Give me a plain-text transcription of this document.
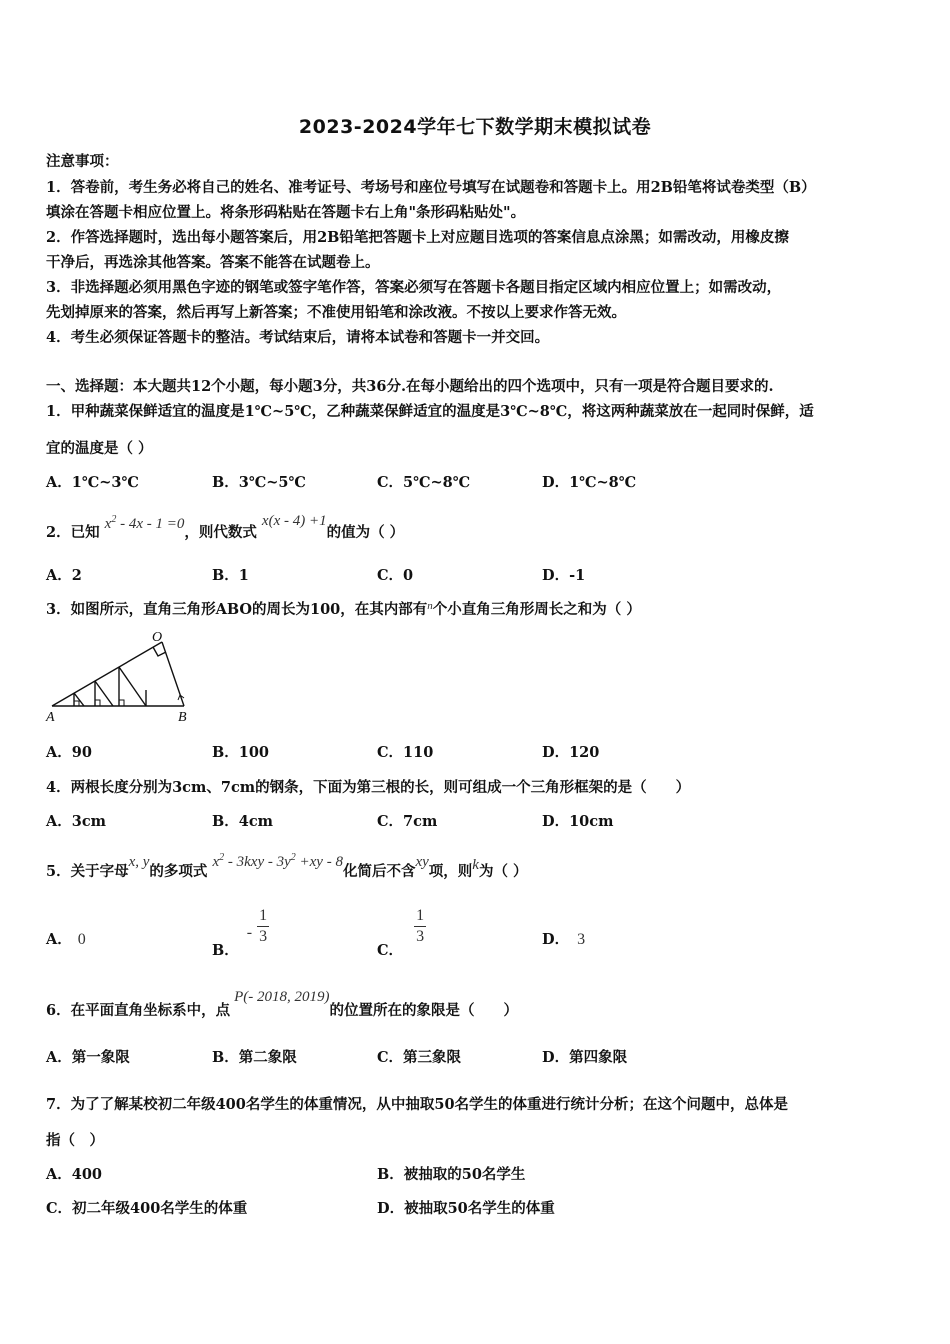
2023-2024学年七下数学期末模拟试卷
注意事项：
1．答卷前，考生务必将自己的姓名、准考证号、考场号和座位号填写在试题卷和答题卡上。用2B铅笔将试卷类型（B）
填涂在答题卡相应位置上。将条形码粘贴在答题卡右上角"条形码粘贴处"。
2．作答选择题时，选出每小题答案后，用2B铅笔把答题卡上对应题目选项的答案信息点涂黑；如需改动，用橡皮擦
干净后，再选涂其他答案。答案不能答在试题卷上。
3．非选择题必须用黑色字迹的钢笔或签字笔作答，答案必须写在答题卡各题目指定区域内相应位置上；如需改动，
先划掉原来的答案，然后再写上新答案；不准使用铅笔和涂改液。不按以上要求作答无效。
4．考生必须保证答题卡的整洁。考试结束后，请将本试卷和答题卡一并交回。
一、选择题：本大题共12个小题，每小题3分，共36分.在每小题给出的四个选项中，只有一项是符合题目要求的.
1．甲种蔬菜保鲜适宜的温度是1℃~5℃，乙种蔬菜保鲜适宜的温度是3℃~8℃，将这两种蔬菜放在一起同时保鲜，适
宜的温度是（ ）
A．1℃~3℃	B．3℃~5℃	C．5℃~8℃	D．1℃~8℃
2．已知 $x^2 - 4x - 1 =0$，则代数式 x(x - 4) +1的值为（ ）
A．2	B．1	C．0	D．-1
3．如图所示，直角三角形ABO的周长为100，在其内部有$^n$个小直角三角形周长之和为（ ）
O
A	B
A．90	B．100	C．110	D．120
4．两根长度分别为3cm、7cm的钢条，下面为第三根的长，则可组成一个三角形框架的是（　　）
A．3cm	B．4cm	C．7cm	D．10cm
5．关于字母x, y的多项式 $x^2 - 3kxy - 3y^2 +xy - 8$化简后不含xy项，则k为（ ）
A． 0
B．- $\frac{1}{3}$
C．
$\frac{1}{3}$	D． 3
6．在平面直角坐标系中，点P(- 2018, 2019)的位置所在的象限是（　　）
A．第一象限	B．第二象限	C．第三象限	D．第四象限
7．为了了解某校初二年级400名学生的体重情况，从中抽取50名学生的体重进行统计分析；在这个问题中，总体是
指（　）
A．400	B．被抽取的50名学生
C．初二年级400名学生的体重	D．被抽取50名学生的体重
